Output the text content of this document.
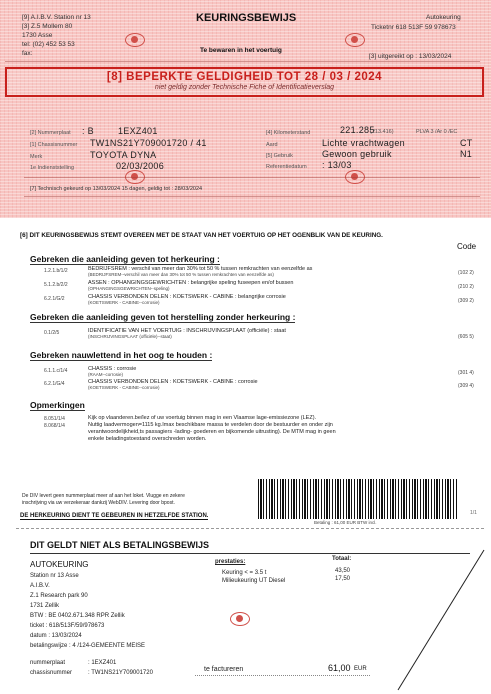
[9] A.I.B.V. Station nr 13
[3] Z.5 Mollem 80
1730 Asse
tel: (02) 452 53 53
fax:
KEURINGSBEWIJS
Te bewaren in het voertuig
Autokeuring
Ticketnr 618 513F 59 978673
[3] uitgereikt op : 13/03/2024
[8] BEPERKTE GELDIGHEID TOT 28 / 03 / 2024
niet geldig zonder Technische Fiche of Identificatieverslag
[2] Nummerplaat : B	1EXZ401
[1] Chassisnummer TW1NS21Y709001720 / 41
Merk	TOYOTA DYNA
1e Indienststelling	02/03/2006
[4] Kilometerstand	221.285
(213.416)	PLVA 3 /Ar 0 /EC
Aard	Lichte vrachtwagen	CT
[5] Gebruik	Gewoon gebruik	N1
Referentiedatum : 13/03
[7] Technisch gekeurd op 13/03/2024 15 dagen, geldig tot : 28/03/2024
[6] DIT KEURINGSBEWIJS STEMT OVEREEN MET DE STAAT VAN HET VOERTUIG OP HET OGENBLIK VAN DE KEURING.
Code
Gebreken die aanleiding geven tot herkeuring :
1.2.1.b/1/2	BEDRIJFSREM : verschil van meer dan 30% tot 50 % tussen remkrachten van eenzelfde as
(BEDRIJFSREM--verschil van meer dan 30% tot 50 % tussen remkrachten van eenzelfde as)	(102 2)
5.1.2.b/2/2	ASSEN : OPHANGINGSGEWRICHTEN : belangrijke speling fuseepen en/of bussen
(OPHANGINGSGEWRICHTEN--speling)	(210 2)
6.2.1/G/2	CHASSIS VERBONDEN DELEN : KOETSWERK - CABINE : belangrijke corrosie
(KOETSWERK - CABINE--corrosie)	(309 2)
Gebreken die aanleiding geven tot herstelling zonder herkeuring :
0.1/2/5	IDENTIFICATIE VAN HET VOERTUIG : INSCHRIJVINGSPLAAT (officiële) : staat
(INSCHRIJVINGSPLAAT (officiële)--staat)	(605 5)
Gebreken nauwlettend in het oog te houden :
6.1.1.c/1/4	CHASSIS : corrosie
(RAAM--corrosie)	(301 4)
6.2.1/G/4	CHASSIS VERBONDEN DELEN : KOETSWERK - CABINE : corrosie
(KOETSWERK - CABINE--corrosie)	(309 4)
Opmerkingen
8.051/1/4	Kijk op vlaanderen.be/lez of uw voertuig binnen mag in een Vlaamse lage-emissiezone (LEZ).
8.068/1/4	Nuttig laadvermogen=1115 kg.Imax beschikbare massa te verdelen door de bestuurder en onder zijn
verantwoordelijkheid,ts passagiers -lading- goederen en bijkomende uitrusting). De MTM mag in geen
enkele beladingstoestand overschreden worden.
De DIV levert geen nummerplaat meer af aan het loket. Vlugge en zekere
inschrijving via uw verzekeraar dankzij WebDIV. Levering door bpost.
DE HERKEURING DIENT TE GEBEUREN IN HETZELFDE STATION.
Betaling : 61,00 EUR BTW incl.
1/1
DIT GELDT NIET ALS BETALINGSBEWIJS
AUTOKEURING
Station nr 13 Asse
A.I.B.V.
Z.1 Research park 90
1731 Zellik
BTW : BE 0402.671.348 RPR Zellik
ticket : 618/513F/59/978673
datum : 13/03/2024
betalingswijze : 4 /124-GEMEENTE MEISE
prestaties:	Totaal:
Keuring < = 3.5 t	43,50
Milieukeuring UT Diesel	17,50
nummerplaat	: 1EXZ401
chassisnummer	: TW1NS21Y709001720	te factureren	61,00 EUR
